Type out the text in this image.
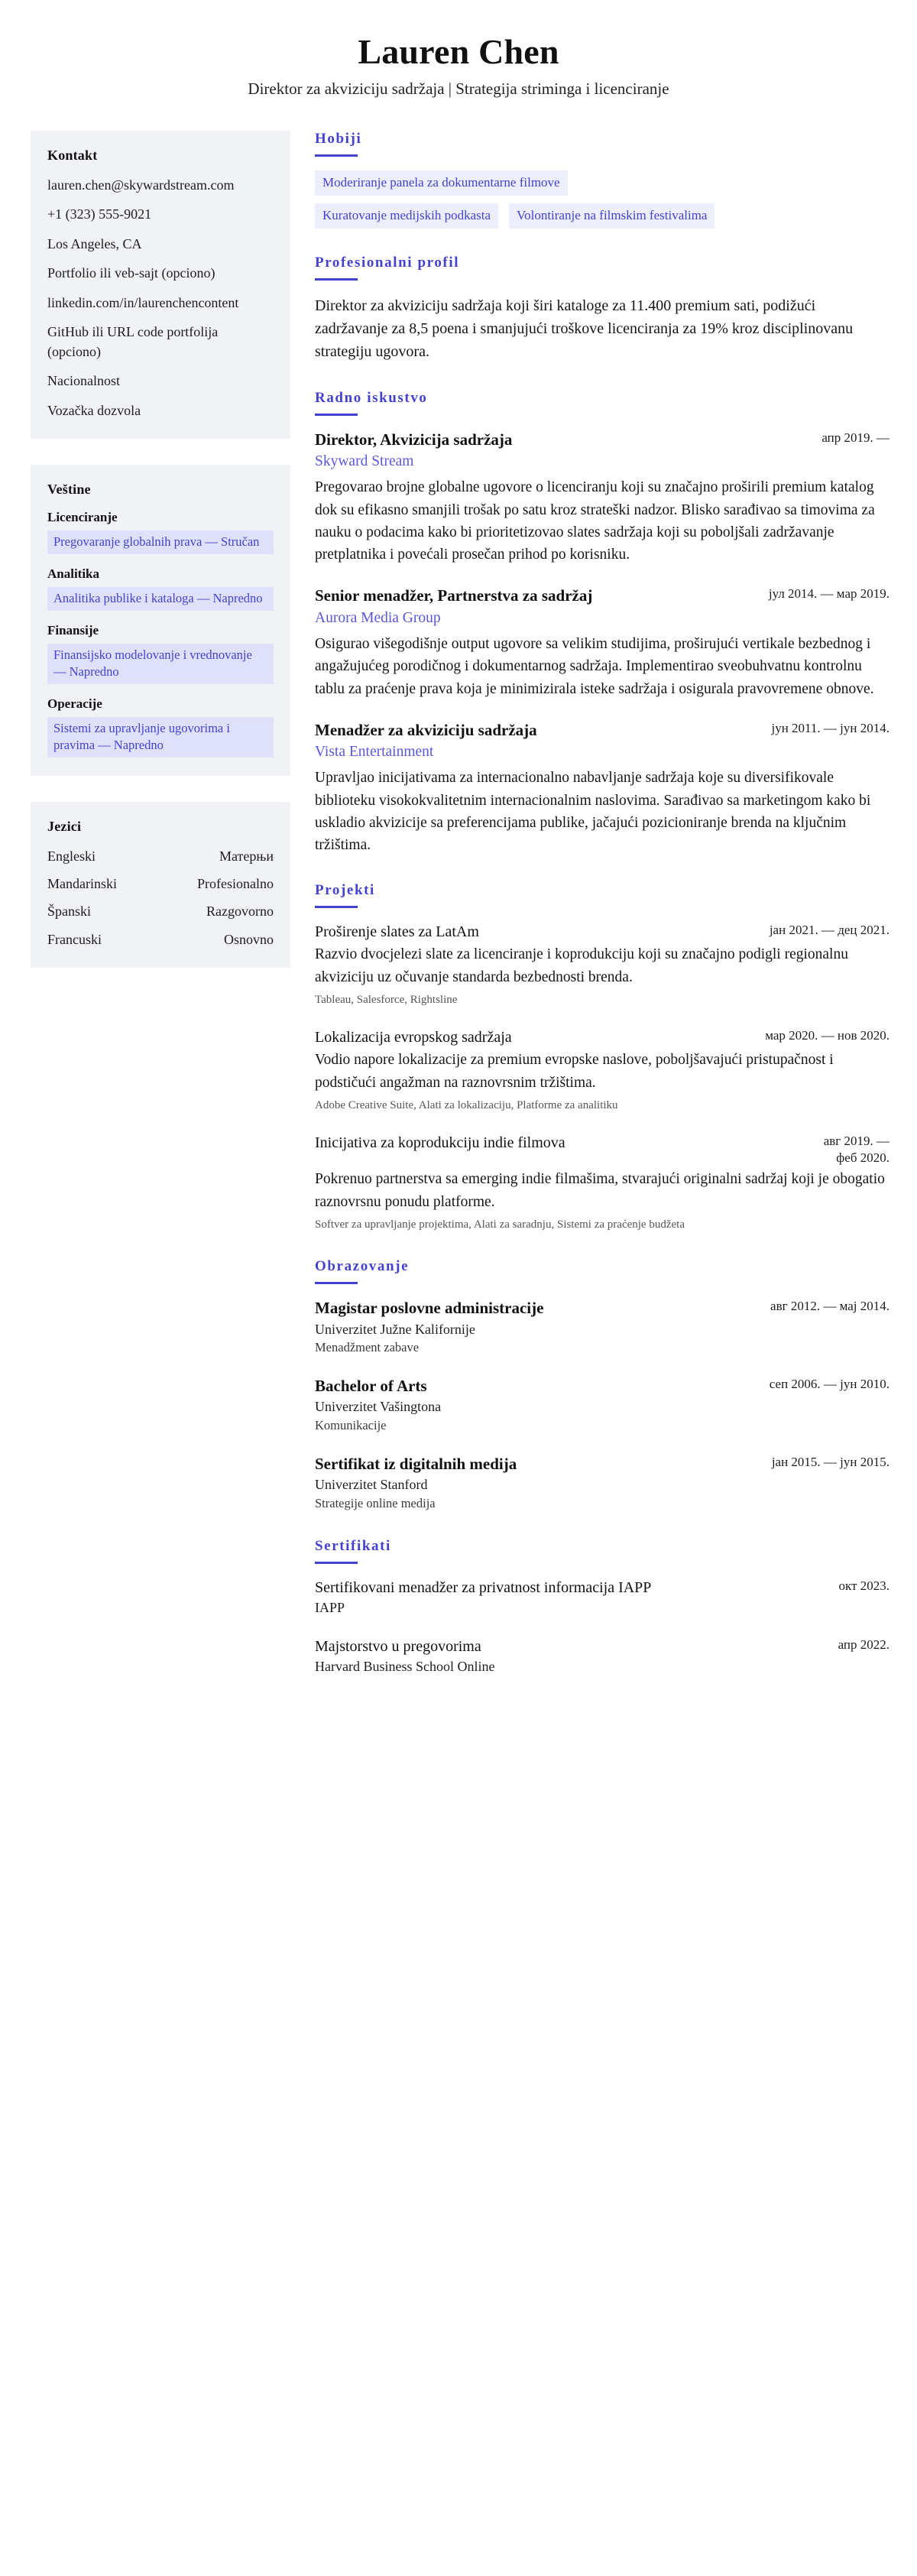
Lauren Chen
Direktor za akviziciju sadržaja | Strategija striminga i licenciranje
Kontakt
lauren.chen@skywardstream.com
+1 (323) 555-9021
Los Angeles, CA
Portfolio ili veb-sajt (opciono)
linkedin.com/in/laurenchencontent
GitHub ili URL code portfolija (opciono)
Nacionalnost
Vozačka dozvola
Veštine
Licenciranje
Pregovaranje globalnih prava — Stručan
Analitika
Analitika publike i kataloga — Napredno
Finansije
Finansijsko modelovanje i vrednovanje — Napredno
Operacije
Sistemi za upravljanje ugovorima i pravima — Napredno
Jezici
Engleski	Матерњи
Mandarinski	Profesionalno
Španski	Razgovorno
Francuski	Osnovno
Hobiji
Moderiranje panela za dokumentarne filmove
Kuratovanje medijskih podkasta	Volontiranje na filmskim festivalima
Profesionalni profil
Direktor za akviziciju sadržaja koji širi kataloge za 11.400 premium sati, podižući zadržavanje za 8,5 poena i smanjujući troškove licenciranja za 19% kroz disciplinovanu strategiju ugovora.
Radno iskustvo
Direktor, Akvizicija sadržaja	апр 2019. —
Skyward Stream
Pregovarao brojne globalne ugovore o licenciranju koji su značajno proširili premium katalog dok su efikasno smanjili trošak po satu kroz strateški nadzor. Blisko sarađivao sa timovima za nauku o podacima kako bi prioritetizovao slates sadržaja koji su poboljšali zadržavanje pretplatnika i povećali prosečan prihod po korisniku.
Senior menadžer, Partnerstva za sadržaj	јул 2014. — мар 2019.
Aurora Media Group
Osigurao višegodišnje output ugovore sa velikim studijima, proširujući vertikale bezbednog i angažujućeg porodičnog i dokumentarnog sadržaja. Implementirao sveobuhvatnu kontrolnu tablu za praćenje prava koja je minimizirala isteke sadržaja i osigurala pravovremene obnove.
Menadžer za akviziciju sadržaja	јун 2011. — јун 2014.
Vista Entertainment
Upravljao inicijativama za internacionalno nabavljanje sadržaja koje su diversifikovale biblioteku visokokvalitetnim internacionalnim naslovima. Sarađivao sa marketingom kako bi uskladio akvizicije sa preferencijama publike, jačajući pozicioniranje brenda na ključnim tržištima.
Projekti
Proširenje slates za LatAm	јан 2021. — дец 2021.
Razvio dvocjelezi slate za licenciranje i koprodukciju koji su značajno podigli regionalnu akviziciju uz očuvanje standarda bezbednosti brenda.
Tableau, Salesforce, Rightsline
Lokalizacija evropskog sadržaja	мар 2020. — нов 2020.
Vodio napore lokalizacije za premium evropske naslove, poboljšavajući pristupačnost i podstičući angažman na raznovrsnim tržištima.
Adobe Creative Suite, Alati za lokalizaciju, Platforme za analitiku
Inicijativa za koprodukciju indie filmova	авг 2019. — феб 2020.
Pokrenuo partnerstva sa emerging indie filmašima, stvarajući originalni sadržaj koji je obogatio raznovrsnu ponudu platforme.
Softver za upravljanje projektima, Alati za saradnju, Sistemi za praćenje budžeta
Obrazovanje
Magistar poslovne administracije	авг 2012. — мај 2014.
Univerzitet Južne Kalifornije
Menadžment zabave
Bachelor of Arts	сеп 2006. — јун 2010.
Univerzitet Vašingtona
Komunikacije
Sertifikat iz digitalnih medija	јан 2015. — јун 2015.
Univerzitet Stanford
Strategije online medija
Sertifikati
Sertifikovani menadžer za privatnost informacija IAPP	окт 2023.
IAPP
Majstorstvo u pregovorima	апр 2022.
Harvard Business School Online
